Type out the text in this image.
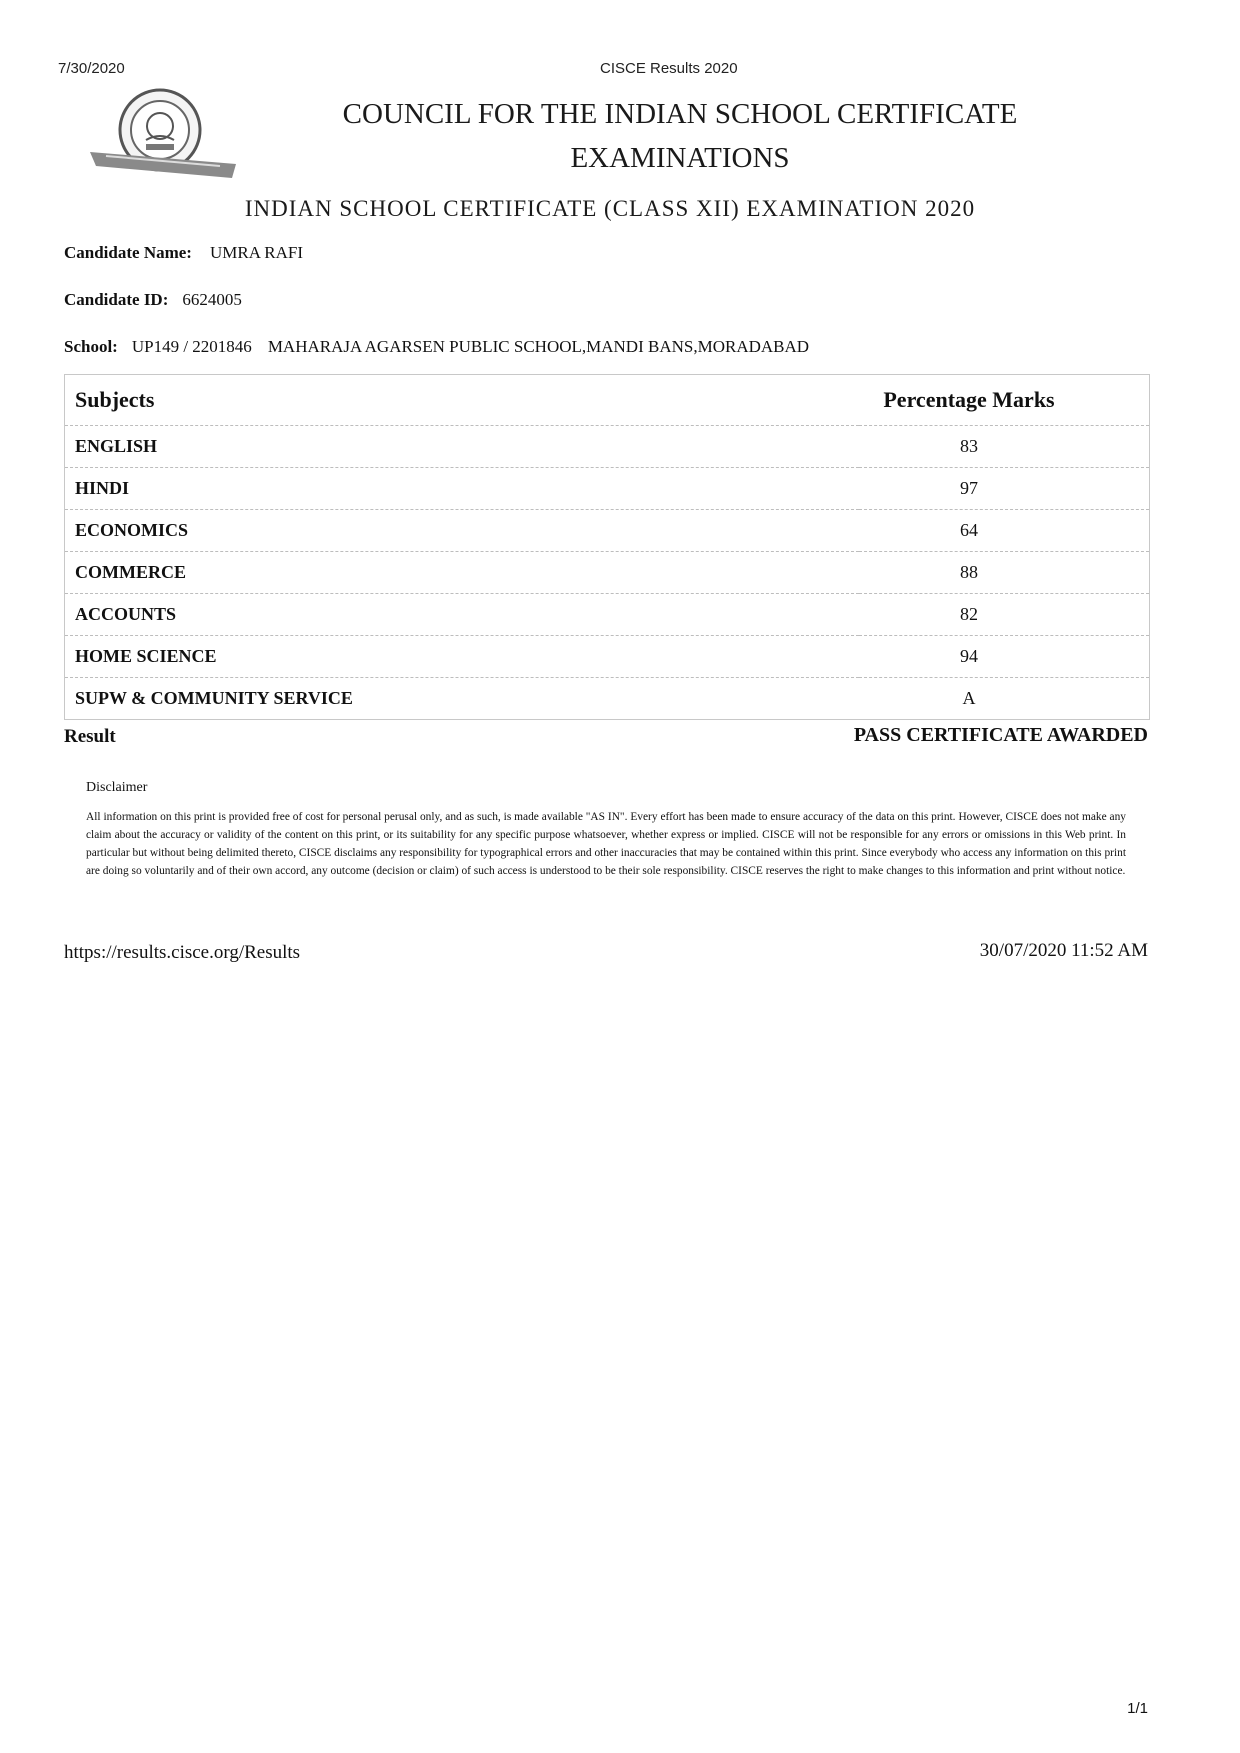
7/30/2020	CISCE Results 2020
COUNCIL FOR THE INDIAN SCHOOL CERTIFICATE EXAMINATIONS
INDIAN SCHOOL CERTIFICATE (CLASS XII) EXAMINATION 2020
Candidate Name: UMRA RAFI
Candidate ID: 6624005
School: UP149 / 2201846 MAHARAJA AGARSEN PUBLIC SCHOOL,MANDI BANS,MORADABAD
Subjects	Percentage Marks
ENGLISH	83
HINDI	97
ECONOMICS	64
COMMERCE	88
ACCOUNTS	82
HOME SCIENCE	94
SUPW & COMMUNITY SERVICE	A
Result	PASS CERTIFICATE AWARDED
Disclaimer
All information on this print is provided free of cost for personal perusal only, and as such, is made available "AS IN". Every effort has been made to ensure accuracy of the data on this print. However, CISCE does not make any claim about the accuracy or validity of the content on this print, or its suitability for any specific purpose whatsoever, whether express or implied. CISCE will not be responsible for any errors or omissions in this Web print. In particular but without being delimited thereto, CISCE disclaims any responsibility for typographical errors and other inaccuracies that may be contained within this print. Since everybody who access any information on this print are doing so voluntarily and of their own accord, any outcome (decision or claim) of such access is understood to be their sole responsibility. CISCE reserves the right to make changes to this information and print without notice.
https://results.cisce.org/Results	30/07/2020 11:52 AM
1/1
